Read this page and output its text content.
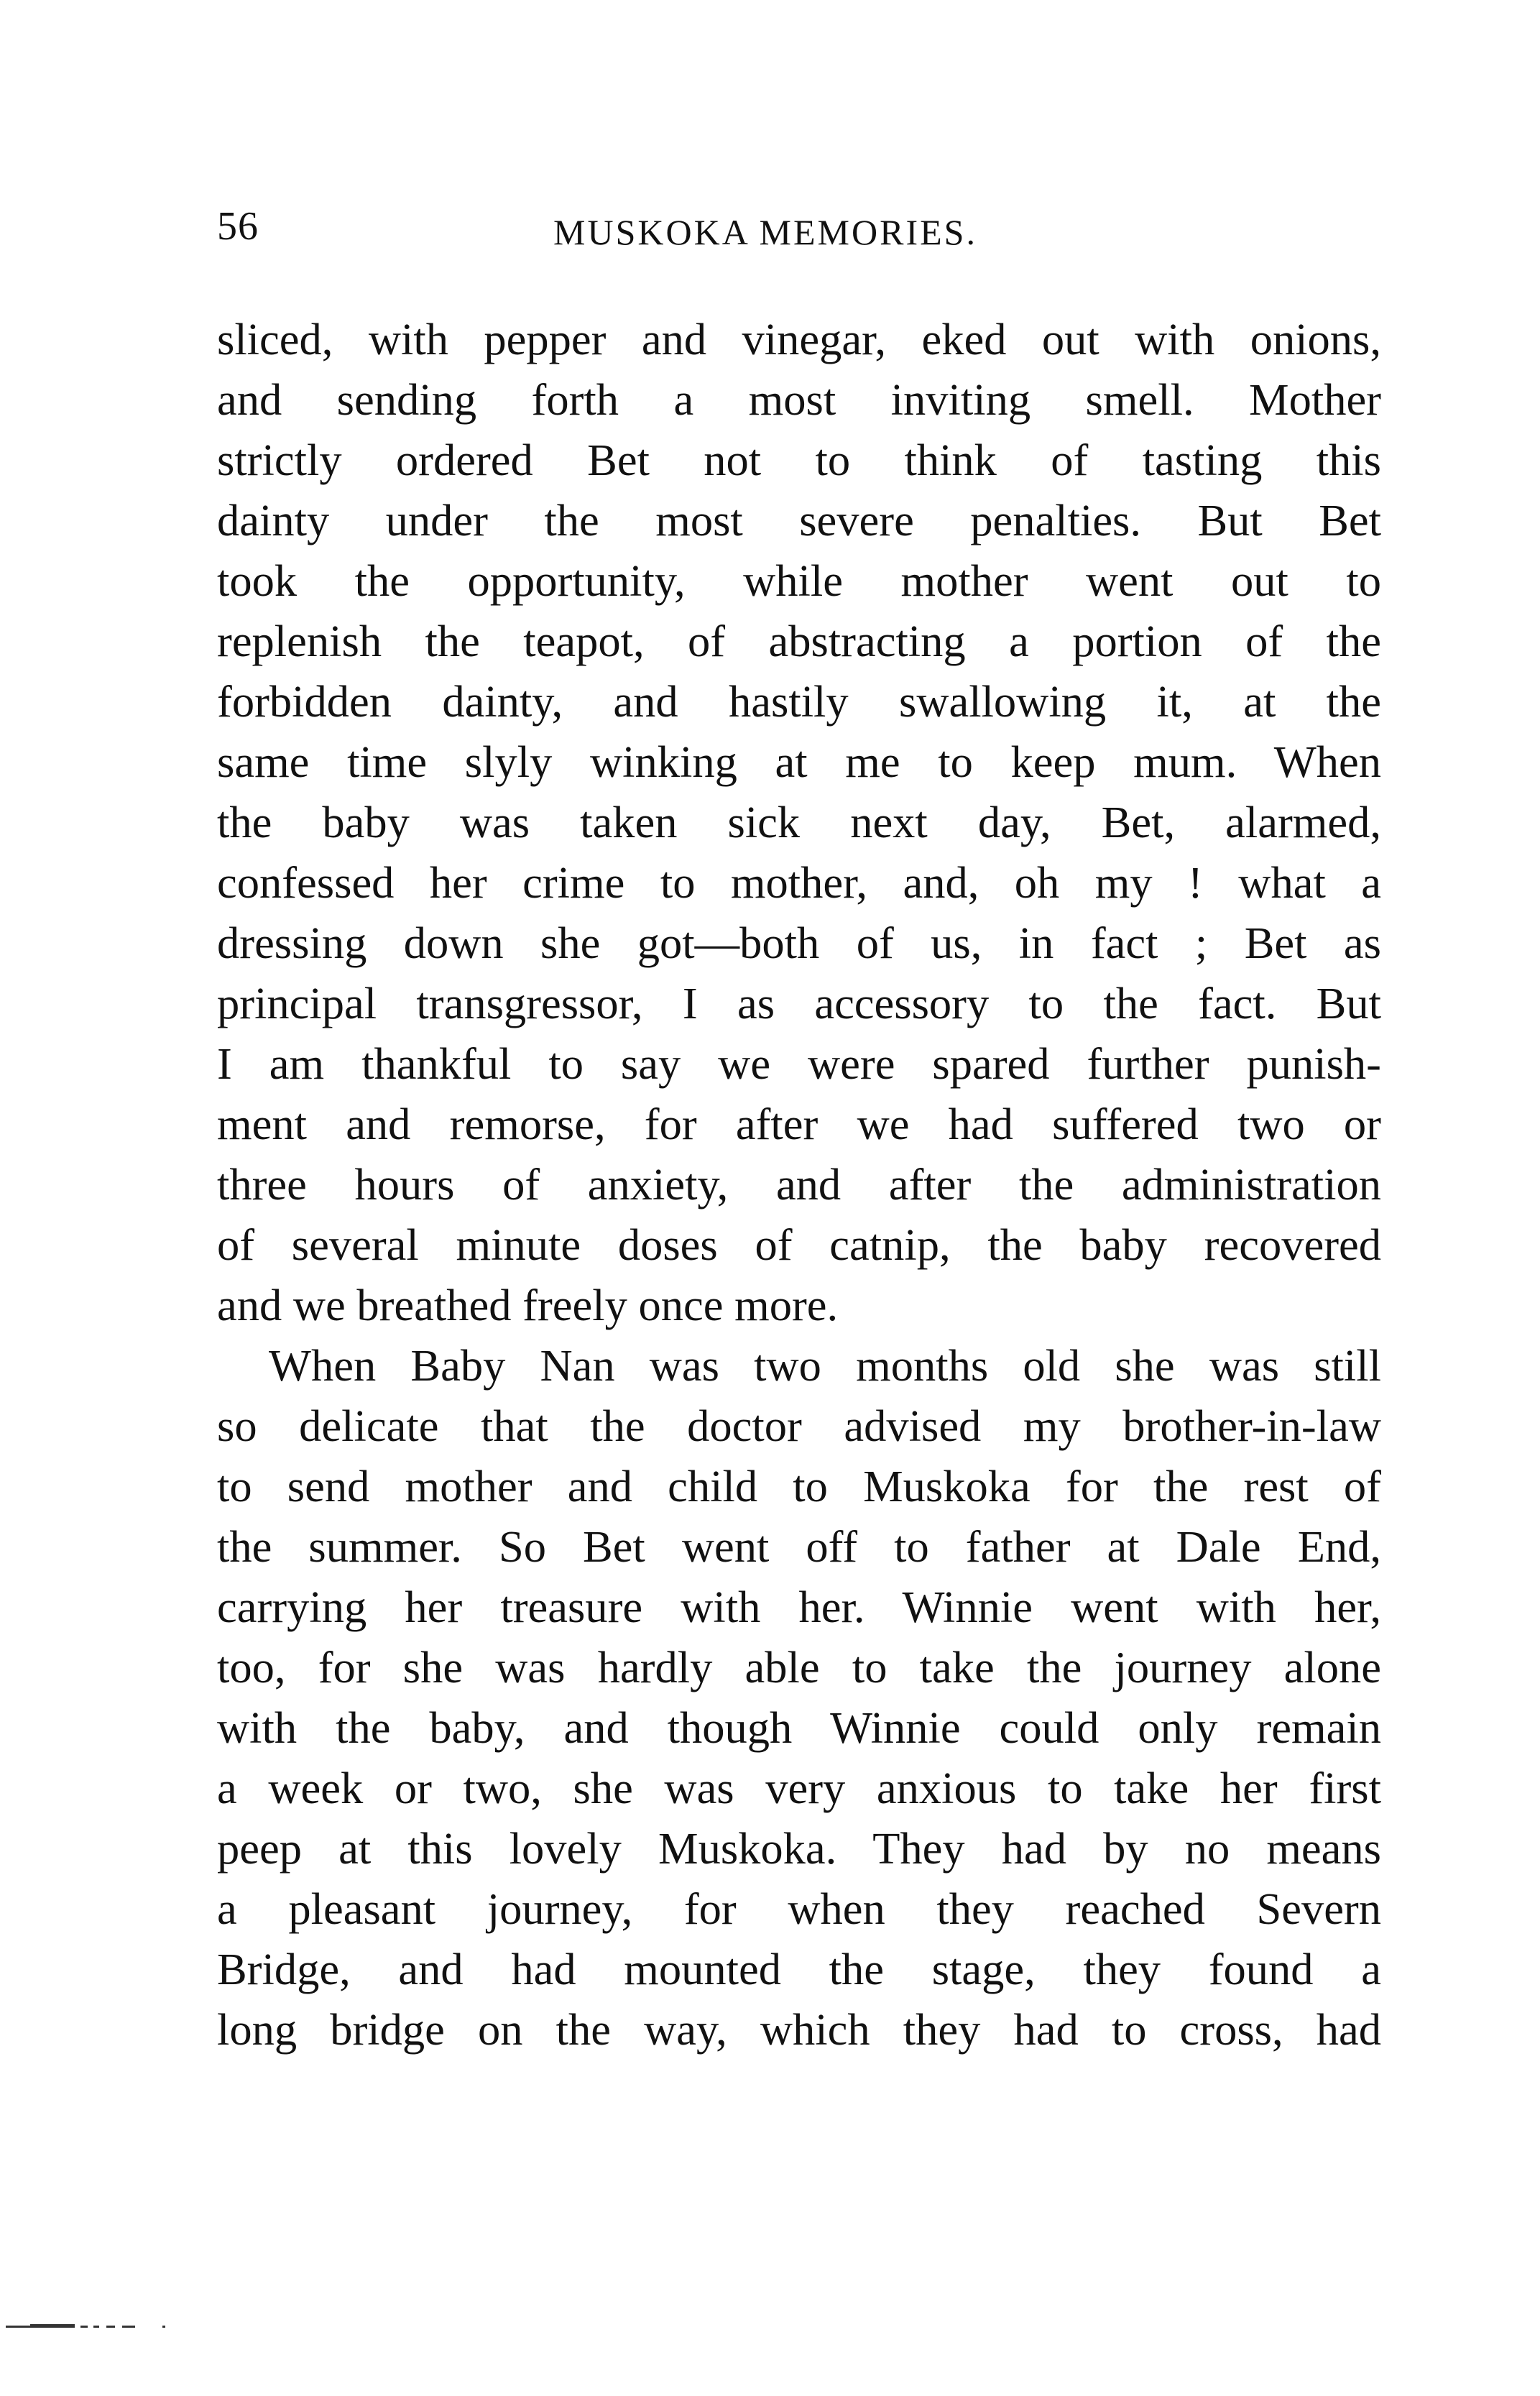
56	MUSKOKA MEMORIES.
sliced, with pepper and vinegar, eked out with onions,
and sending forth a most inviting smell. Mother
strictly ordered Bet not to think of tasting this
dainty under the most severe penalties. But Bet
took the opportunity, while mother went out to
replenish the teapot, of abstracting a portion of the
forbidden dainty, and hastily swallowing it, at the
same time slyly winking at me to keep mum. When
the baby was taken sick next day, Bet, alarmed,
confessed her crime to mother, and, oh my ! what a
dressing down she got—both of us, in fact ; Bet as
principal transgressor, I as accessory to the fact. But
I am thankful to say we were spared further punish-
ment and remorse, for after we had suffered two or
three hours of anxiety, and after the administration
of several minute doses of catnip, the baby recovered
and we breathed freely once more.
When Baby Nan was two months old she was still
so delicate that the doctor advised my brother-in-law
to send mother and child to Muskoka for the rest of
the summer. So Bet went off to father at Dale End,
carrying her treasure with her. Winnie went with her,
too, for she was hardly able to take the journey alone
with the baby, and though Winnie could only remain
a week or two, she was very anxious to take her first
peep at this lovely Muskoka. They had by no means
a pleasant journey, for when they reached Severn
Bridge, and had mounted the stage, they found a
long bridge on the way, which they had to cross, had
